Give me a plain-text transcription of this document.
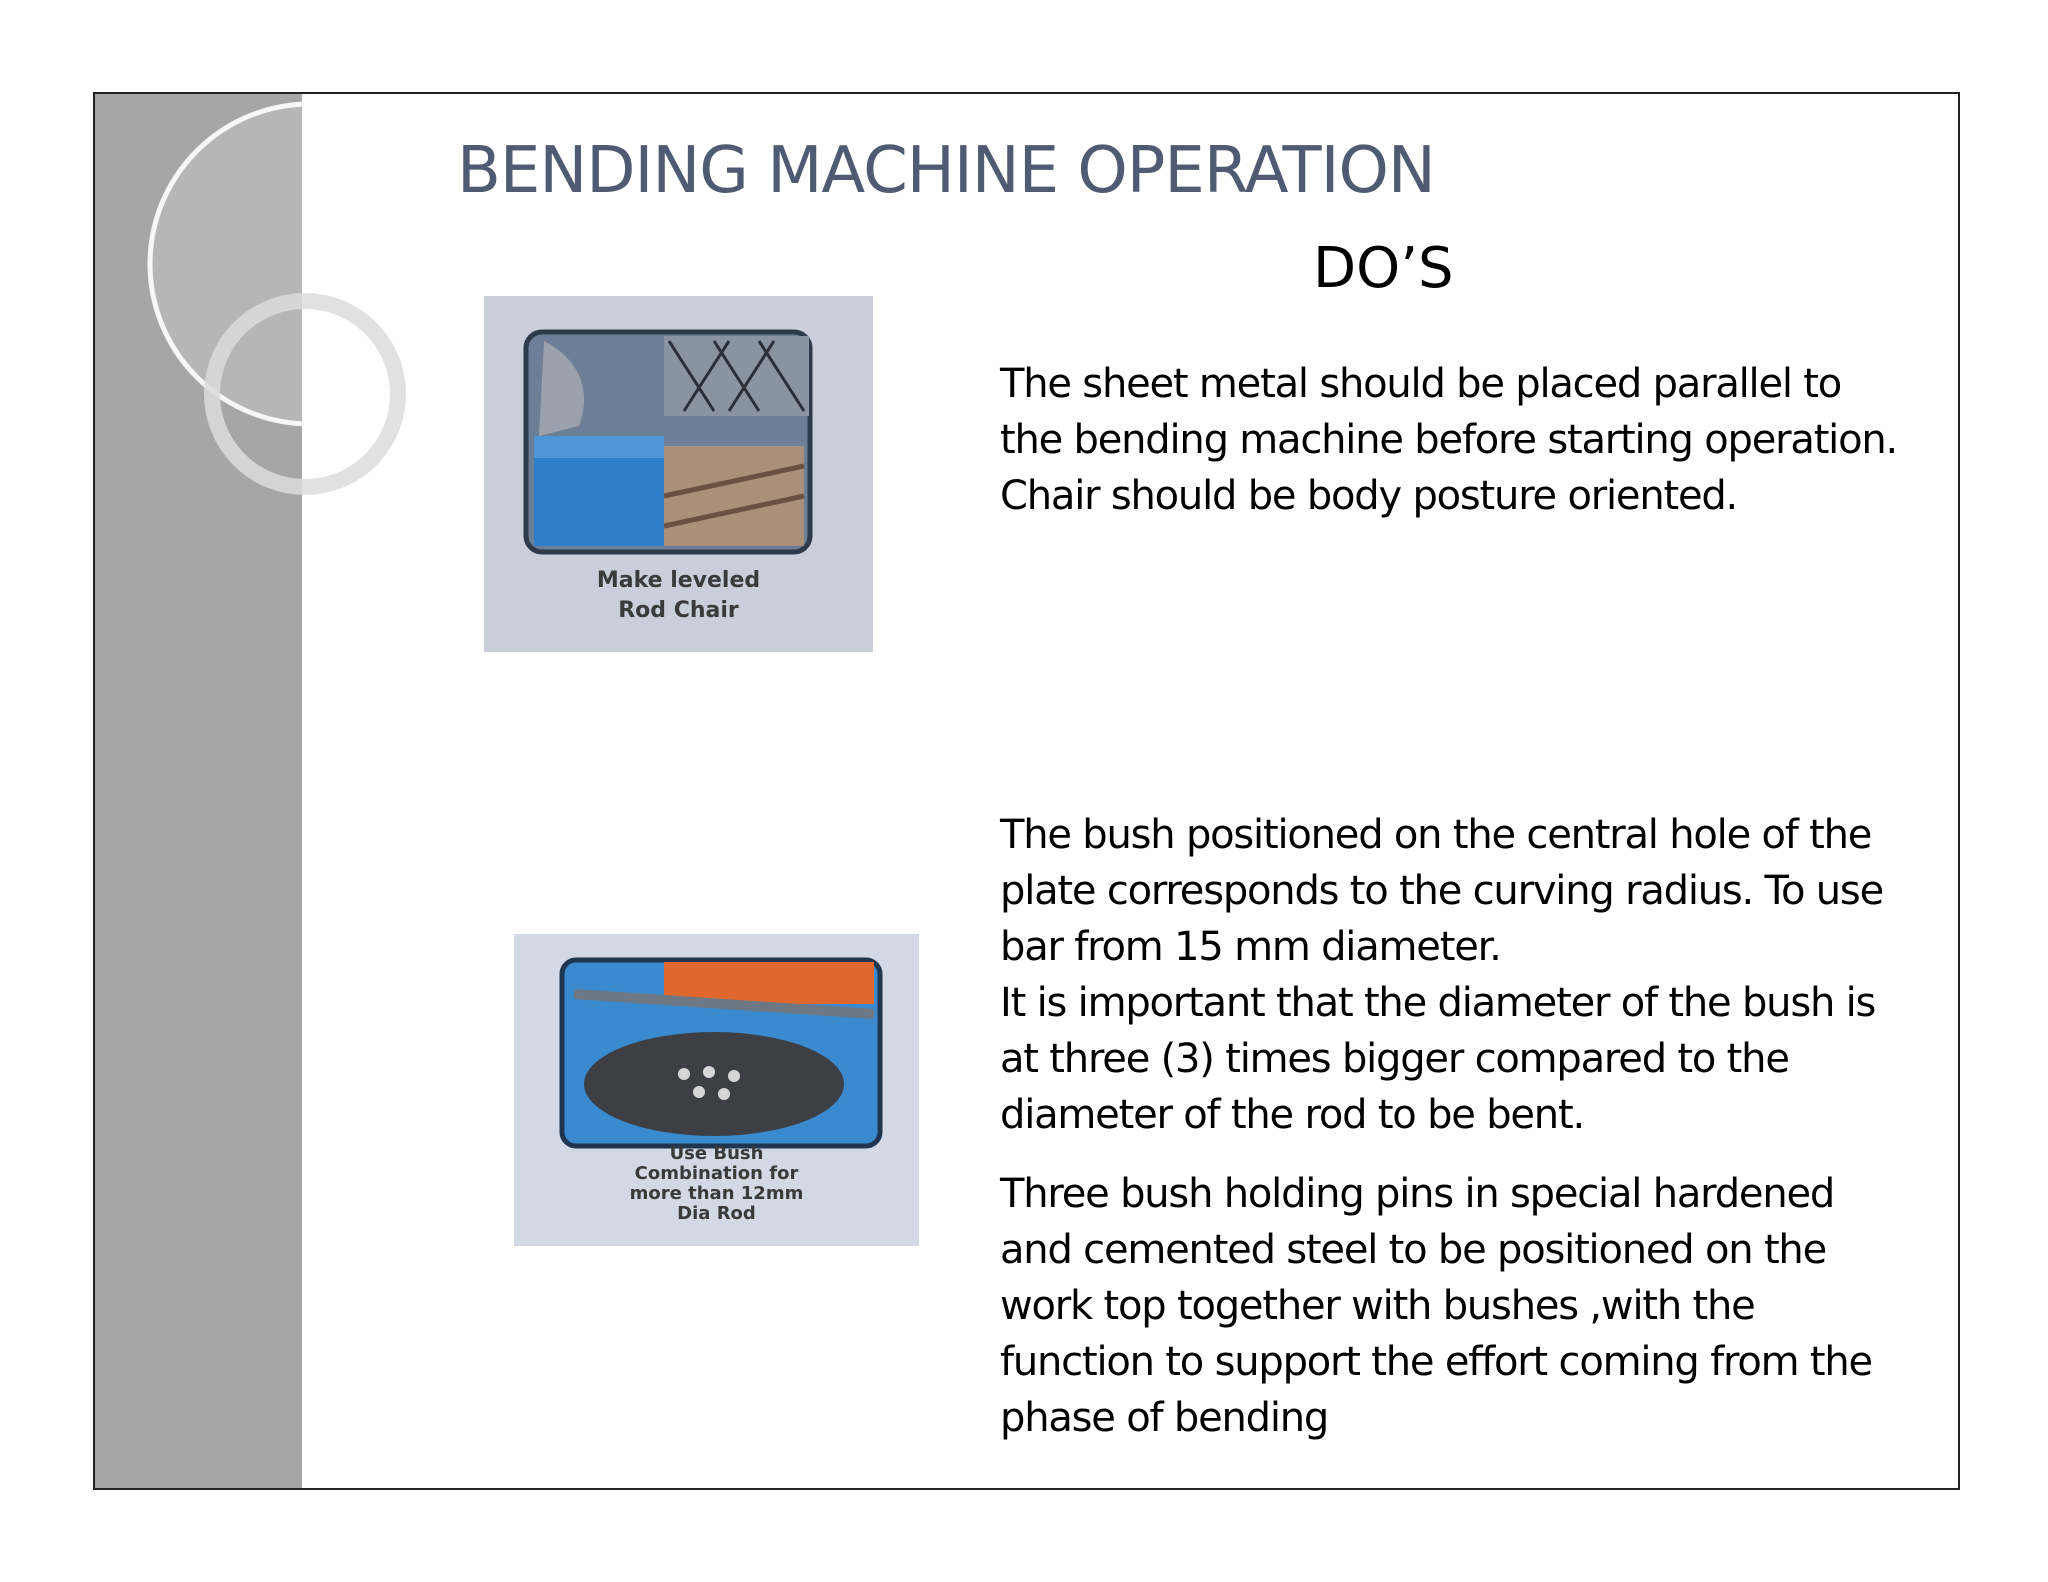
BENDING MACHINE OPERATION
DO’S
Make leveled
Rod Chair
Use Bush
Combination for
more than 12mm
Dia Rod

The sheet metal should be placed parallel to
the bending machine before starting operation.
Chair should be body posture oriented.

The bush positioned on the central hole of the
plate corresponds to the curving radius. To use
bar from 15 mm diameter.
It is important that the diameter of the bush is
at three (3) times bigger compared to the
diameter of the rod to be bent.

Three bush holding pins in special hardened
and cemented steel to be positioned on the
work top together with bushes ,with the
function to support the effort coming from the
phase of bending
